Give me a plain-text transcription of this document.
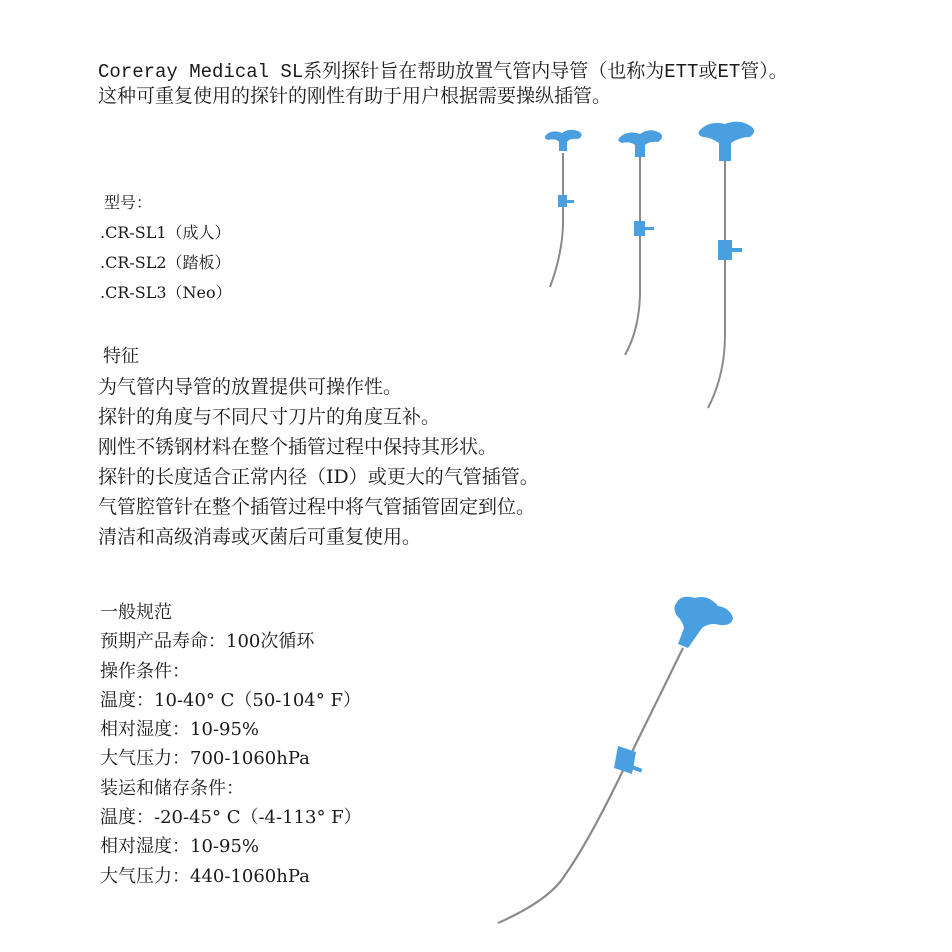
Coreray Medical SL系列探针旨在帮助放置气管内导管（也称为ETT或ET管）。
这种可重复使用的探针的刚性有助于用户根据需要操纵插管。
型号：
.CR-SL1（成人）
.CR-SL2（踏板）
.CR-SL3（Neo）
特征
为气管内导管的放置提供可操作性。
探针的角度与不同尺寸刀片的角度互补。
刚性不锈钢材料在整个插管过程中保持其形状。
探针的长度适合正常内径（ID）或更大的气管插管。
气管腔管针在整个插管过程中将气管插管固定到位。
清洁和高级消毒或灭菌后可重复使用。
一般规范
预期产品寿命：100次循环
操作条件：
温度：10-40° C（50-104° F）
相对湿度：10-95%
大气压力：700-1060hPa
装运和储存条件：
温度：-20-45° C（-4-113° F）
相对湿度：10-95%
大气压力：440-1060hPa
